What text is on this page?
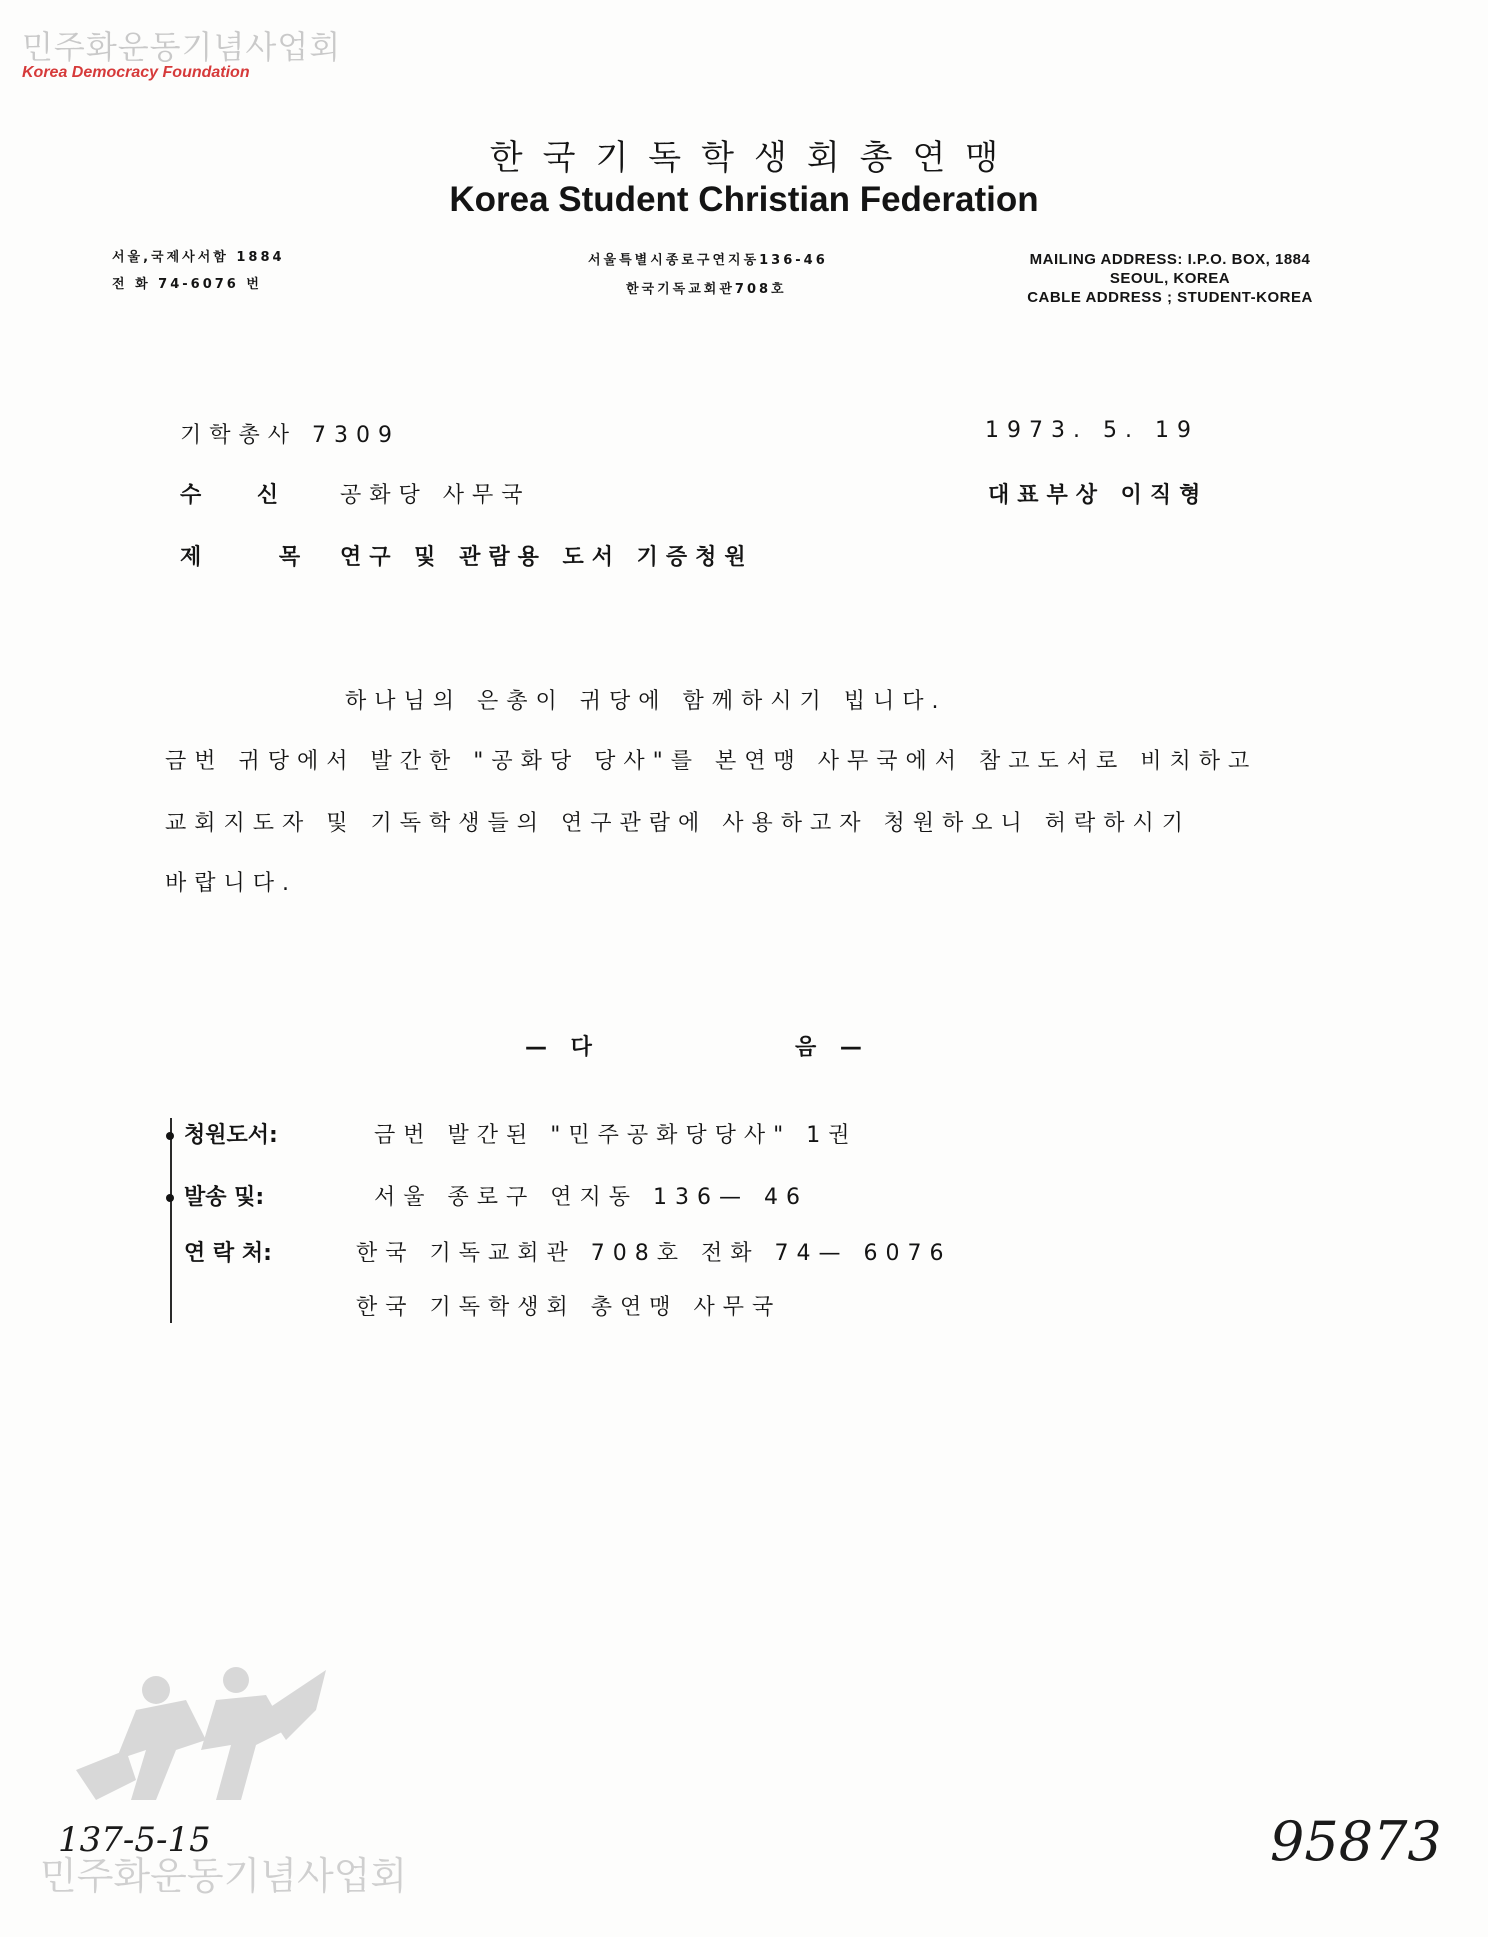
민주화운동기념사업회
Korea Democracy Foundation
한국기독학생회총연맹
Korea Student Christian Federation
서울,국제사서함 1884
전 화 74-6076 번
서울특별시종로구연지동136-46
한국기독교회관708호
MAILING ADDRESS: I.P.O. BOX, 1884
SEOUL, KOREA
CABLE ADDRESS ; STUDENT-KOREA
기학총사 7309	1973. 5. 19
수 신	공화당 사무국	대표부상 이직형
제 목 연구 및 관람용 도서 기증청원
하나님의 은총이 귀당에 함께하시기 빕니다.
금번 귀당에서 발간한 "공화당 당사"를 본연맹 사무국에서 참고도서로 비치하고
교회지도자 및 기독학생들의 연구관람에 사용하고자 청원하오니 허락하시기
바랍니다.
— 다	음 —
청원도서:	금번 발간된 "민주공화당당사" 1권
발송 및:	서울 종로구 연지동 136— 46
연 락 처:	한국 기독교회관 708호 전화 74— 6076
한국 기독학생회 총연맹 사무국
민주화운동기념사업회
137-5-15	95873
